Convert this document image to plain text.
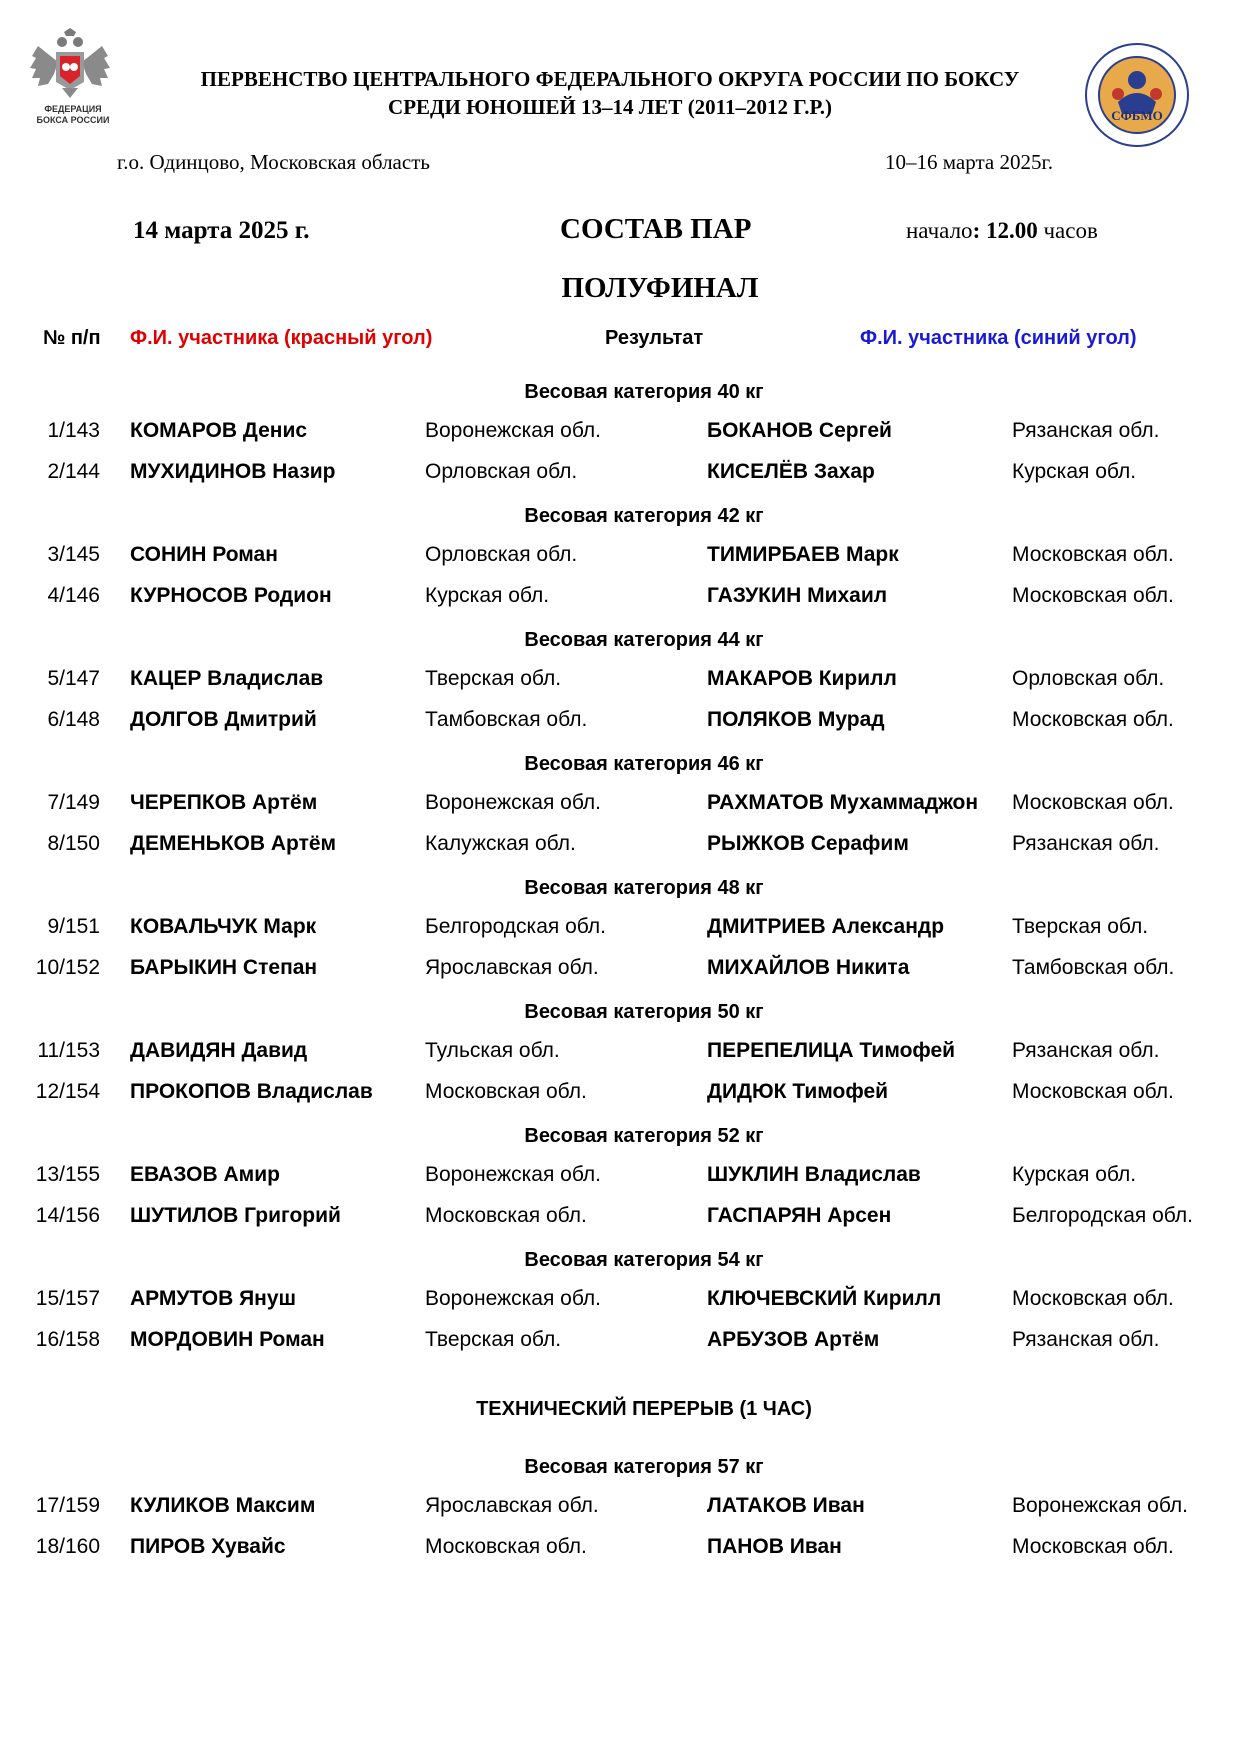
ФЕДЕРАЦИЯ БОКСА РОССИИ	СФБМО
ПЕРВЕНСТВО ЦЕНТРАЛЬНОГО ФЕДЕРАЛЬНОГО ОКРУГА РОССИИ ПО БОКСУ
СРЕДИ ЮНОШЕЙ 13–14 ЛЕТ (2011–2012 Г.Р.)
г.о. Одинцово, Московская область	10–16 марта 2025г.
14 марта 2025 г.	СОСТАВ ПАР	начало: 12.00 часов
ПОЛУФИНАЛ
№ п/п Ф.И. участника (красный угол)	Результат	Ф.И. участника (синий угол)
Весовая категория 40 кг
1/143 КОМАРОВ Денис	Воронежская обл.	БОКАНОВ Сергей	Рязанская обл.
2/144 МУХИДИНОВ Назир	Орловская обл.	КИСЕЛЁВ Захар	Курская обл.
Весовая категория 42 кг
3/145 СОНИН Роман	Орловская обл.	ТИМИРБАЕВ Марк	Московская обл.
4/146 КУРНОСОВ Родион	Курская обл.	ГАЗУКИН Михаил	Московская обл.
Весовая категория 44 кг
5/147 КАЦЕР Владислав	Тверская обл.	МАКАРОВ Кирилл	Орловская обл.
6/148 ДОЛГОВ Дмитрий	Тамбовская обл.	ПОЛЯКОВ Мурад	Московская обл.
Весовая категория 46 кг
7/149 ЧЕРЕПКОВ Артём	Воронежская обл.	РАХМАТОВ Мухаммаджон Московская обл.
8/150 ДЕМЕНЬКОВ Артём	Калужская обл.	РЫЖКОВ Серафим	Рязанская обл.
Весовая категория 48 кг
9/151 КОВАЛЬЧУК Марк	Белгородская обл.	ДМИТРИЕВ Александр	Тверская обл.
10/152 БАРЫКИН Степан	Ярославская обл.	МИХАЙЛОВ Никита	Тамбовская обл.
Весовая категория 50 кг
11/153 ДАВИДЯН Давид	Тульская обл.	ПЕРЕПЕЛИЦА Тимофей	Рязанская обл.
12/154 ПРОКОПОВ Владислав Московская обл.	ДИДЮК Тимофей	Московская обл.
Весовая категория 52 кг
13/155 ЕВАЗОВ Амир	Воронежская обл.	ШУКЛИН Владислав	Курская обл.
14/156 ШУТИЛОВ Григорий	Московская обл.	ГАСПАРЯН Арсен	Белгородская обл.
Весовая категория 54 кг
15/157 АРМУТОВ Януш	Воронежская обл.	КЛЮЧЕВСКИЙ Кирилл	Московская обл.
16/158 МОРДОВИН Роман	Тверская обл.	АРБУЗОВ Артём	Рязанская обл.
ТЕХНИЧЕСКИЙ ПЕРЕРЫВ (1 ЧАС)
Весовая категория 57 кг
17/159 КУЛИКОВ Максим	Ярославская обл.	ЛАТАКОВ Иван	Воронежская обл.
18/160 ПИРОВ Хувайс	Московская обл.	ПАНОВ Иван	Московская обл.
